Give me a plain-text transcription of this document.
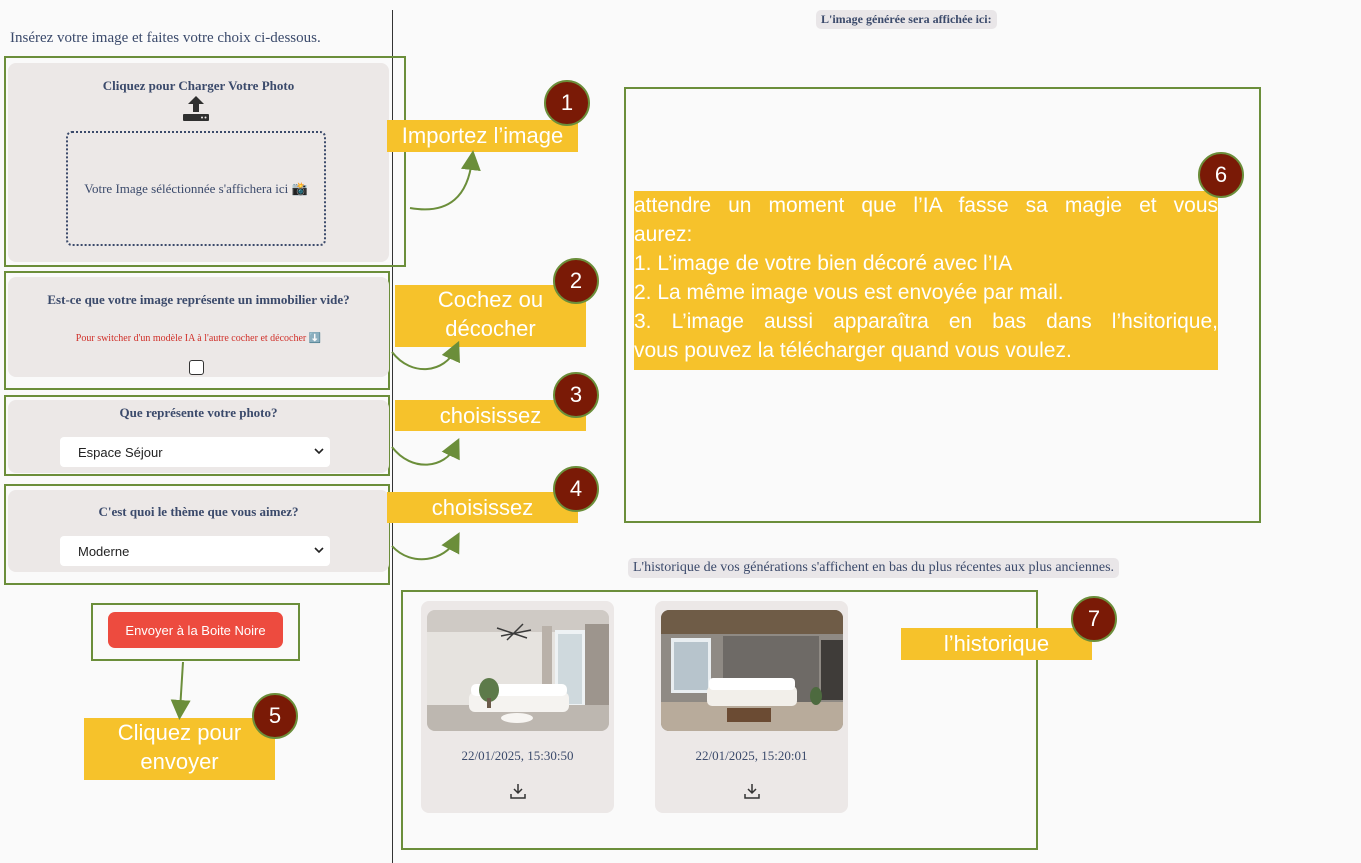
Insérez votre image et faites votre choix ci-dessous.
Cliquez pour Charger Votre Photo
Votre Image séléctionnée s'affichera ici 📸
Est-ce que votre image représente un immobilier vide?
Pour switcher d'un modèle IA à l'autre cocher et décocher ⬇️
Que représente votre photo?
Espace Séjour
C'est quoi le thème que vous aimez?
Moderne
Envoyer à la Boite Noire
L'image générée sera affichée ici:
L'historique de vos générations s'affichent en bas du plus récentes aux plus anciennes.
22/01/2025, 15:30:50	22/01/2025, 15:20:01
Importez l’image
1
Cochez ou
décocher
2
choisissez
3
choisissez
4
Cliquez pour
envoyer
5
attendre un moment que l’IA fasse sa magie et vous
aurez:
1. L’image de votre bien décoré avec l’IA
2. La même image vous est envoyée par mail.
3. L’image aussi apparaîtra en bas dans l’hsitorique,
vous pouvez la télécharger quand vous voulez.
6
l’historique
7
